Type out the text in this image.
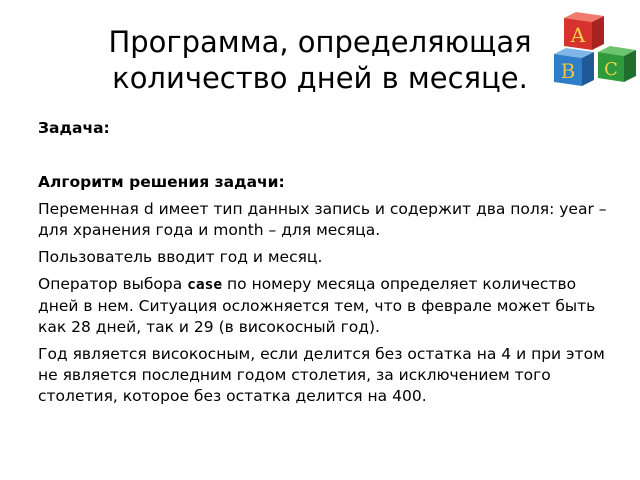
Программа, определяющая
количество дней в месяце.
A
C
B

Задача:

Алгоритм решения задачи:

Переменная d имеет тип данных запись и содержит два поля: year – для хранения года и month – для месяца.

Пользователь вводит год и месяц.

Оператор выбора case по номеру месяца определяет количество дней в нем. Ситуация осложняется тем, что в феврале может быть как 28 дней, так и 29 (в високосный год).

Год является високосным, если делится без остатка на 4 и при этом не является последним годом столетия, за исключением того столетия, которое без остатка делится на 400.
